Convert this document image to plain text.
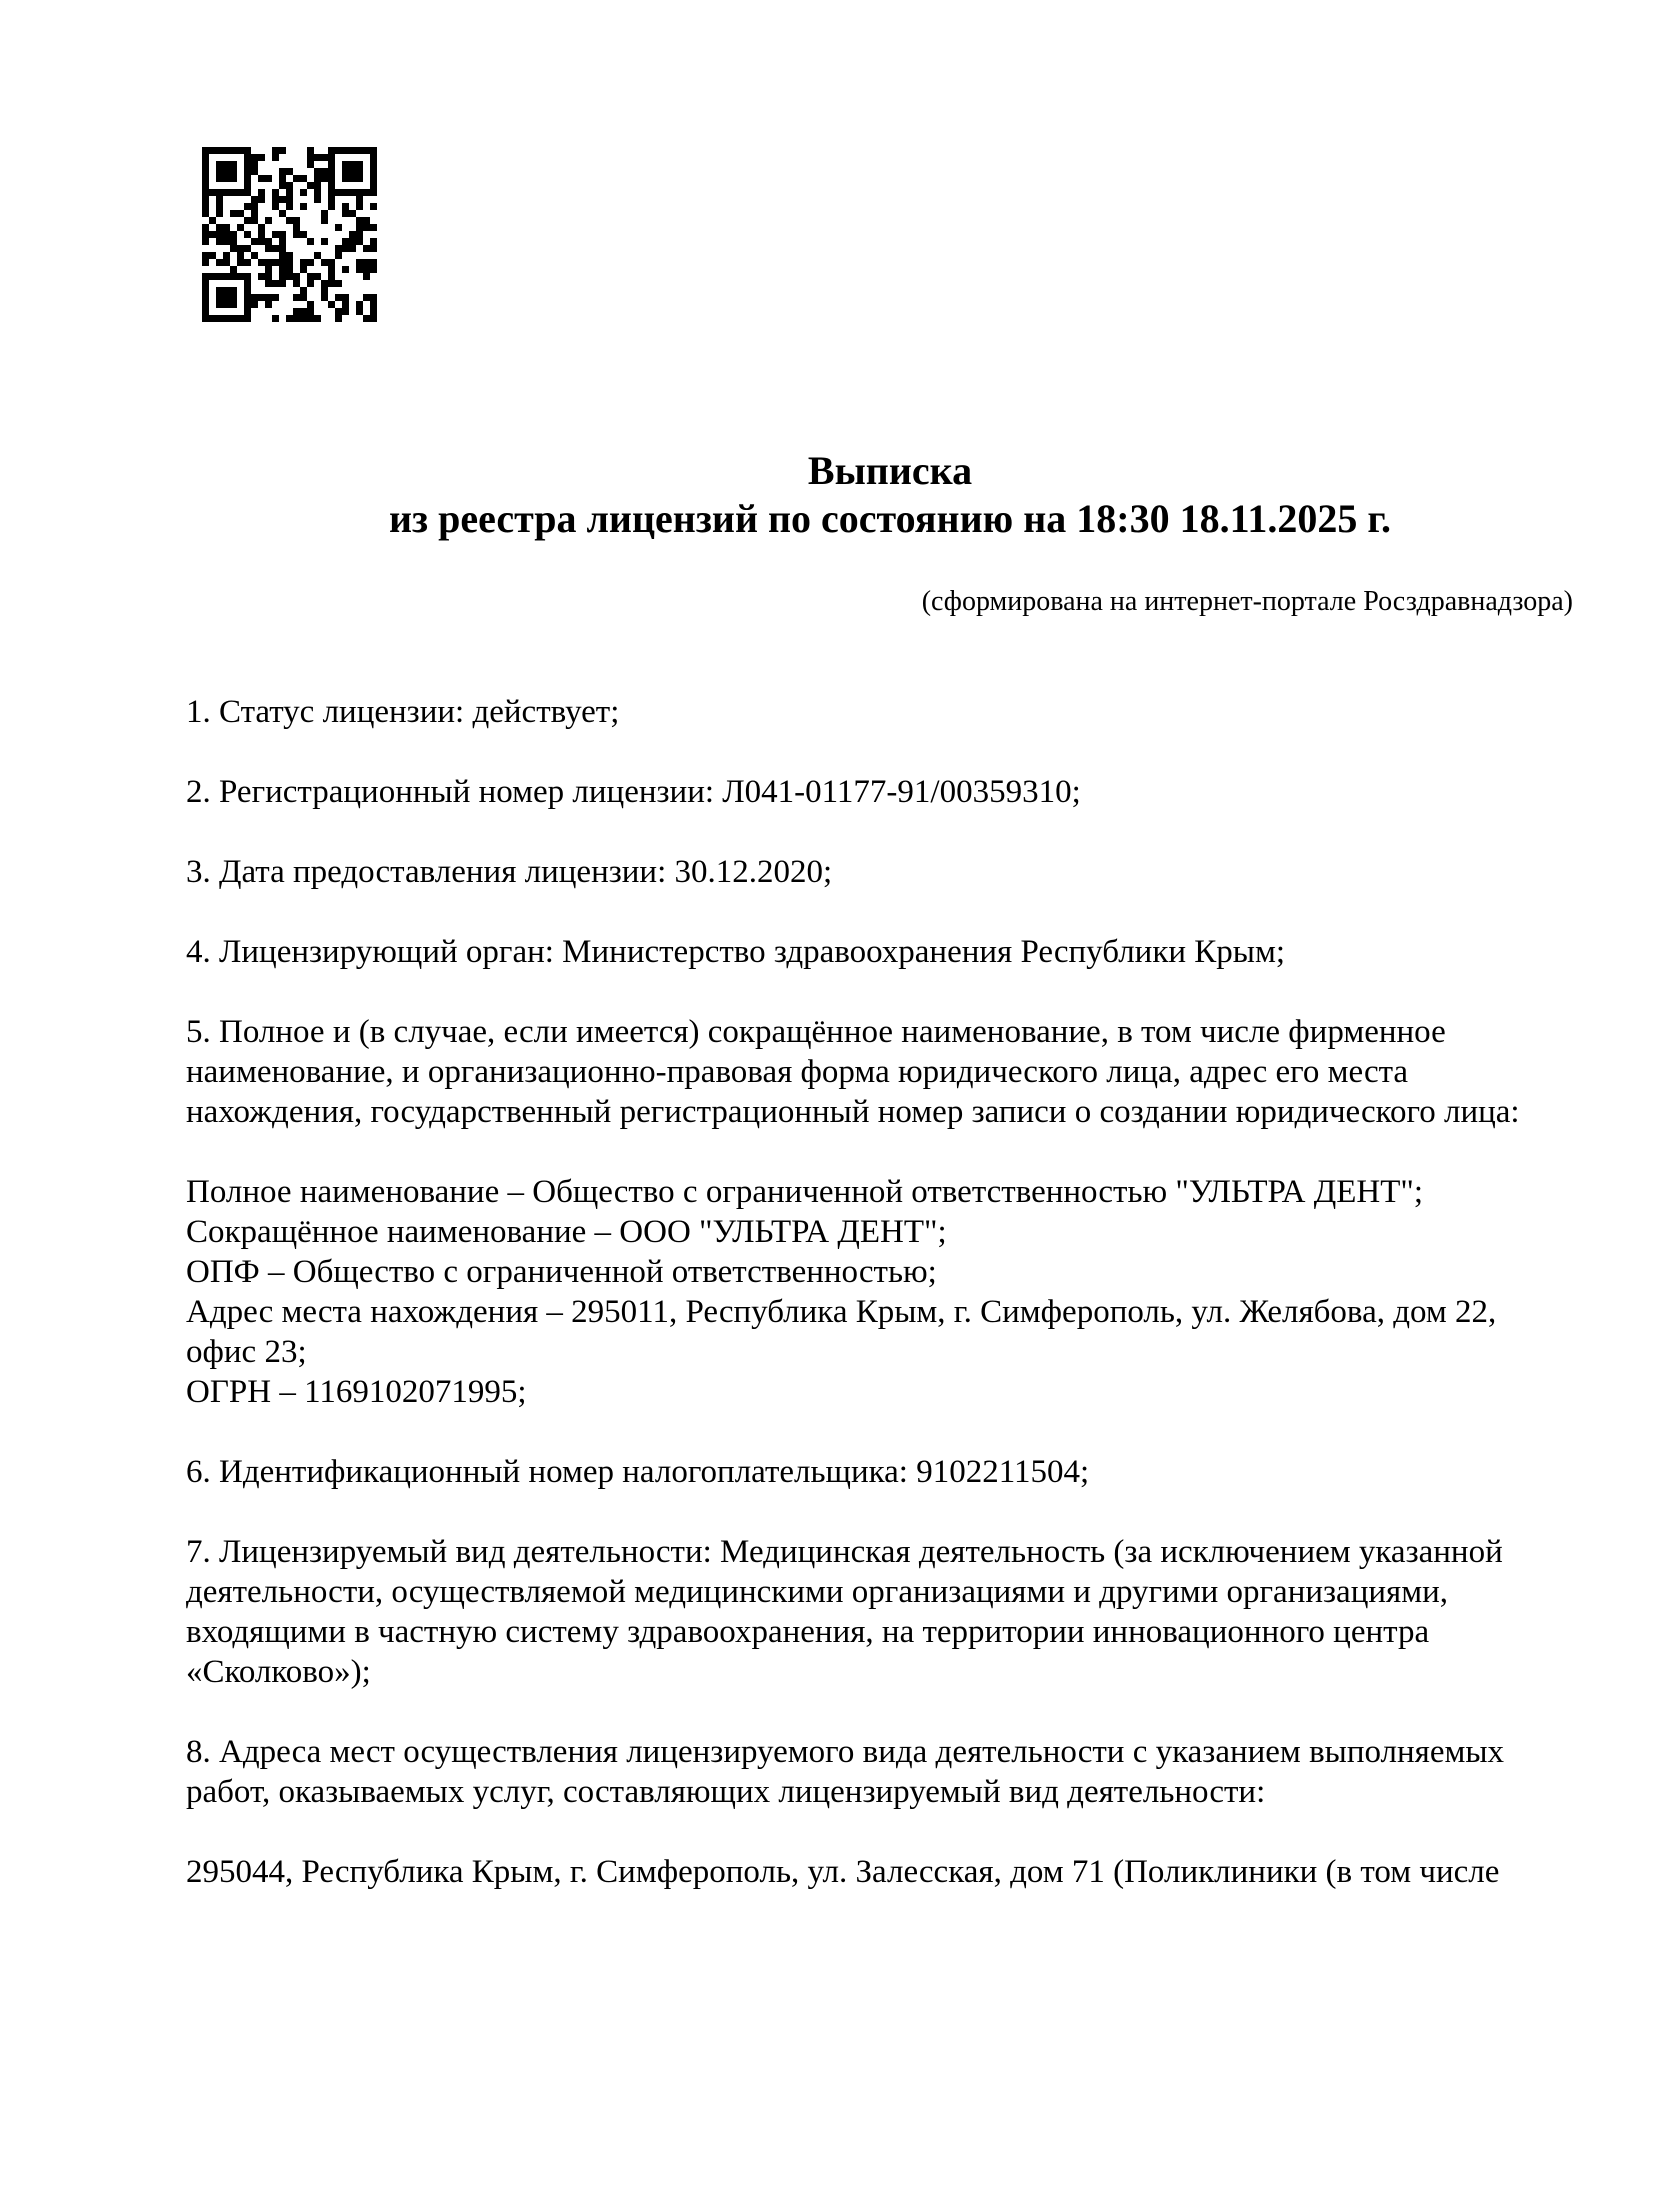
Выписка
из реестра лицензий по состоянию на 18:30 18.11.2025 г.
(сформирована на интернет-портале Росздравнадзора)
1. Статус лицензии: действует;
2. Регистрационный номер лицензии: Л041-01177-91/00359310;
3. Дата предоставления лицензии: 30.12.2020;
4. Лицензирующий орган: Министерство здравоохранения Республики Крым;
5. Полное и (в случае, если имеется) сокращённое наименование, в том числе фирменное
наименование, и организационно-правовая форма юридического лица, адрес его места
нахождения, государственный регистрационный номер записи о создании юридического лица:
Полное наименование – Общество с ограниченной ответственностью "УЛЬТРА ДЕНТ";
Сокращённое наименование – ООО "УЛЬТРА ДЕНТ";
ОПФ – Общество с ограниченной ответственностью;
Адрес места нахождения – 295011, Республика Крым, г. Симферополь, ул. Желябова, дом 22,
офис 23;
ОГРН – 1169102071995;
6. Идентификационный номер налогоплательщика: 9102211504;
7. Лицензируемый вид деятельности: Медицинская деятельность (за исключением указанной
деятельности, осуществляемой медицинскими организациями и другими организациями,
входящими в частную систему здравоохранения, на территории инновационного центра
«Сколково»);
8. Адреса мест осуществления лицензируемого вида деятельности с указанием выполняемых
работ, оказываемых услуг, составляющих лицензируемый вид деятельности:
295044, Республика Крым, г. Симферополь, ул. Залесская, дом 71 (Поликлиники (в том числе
